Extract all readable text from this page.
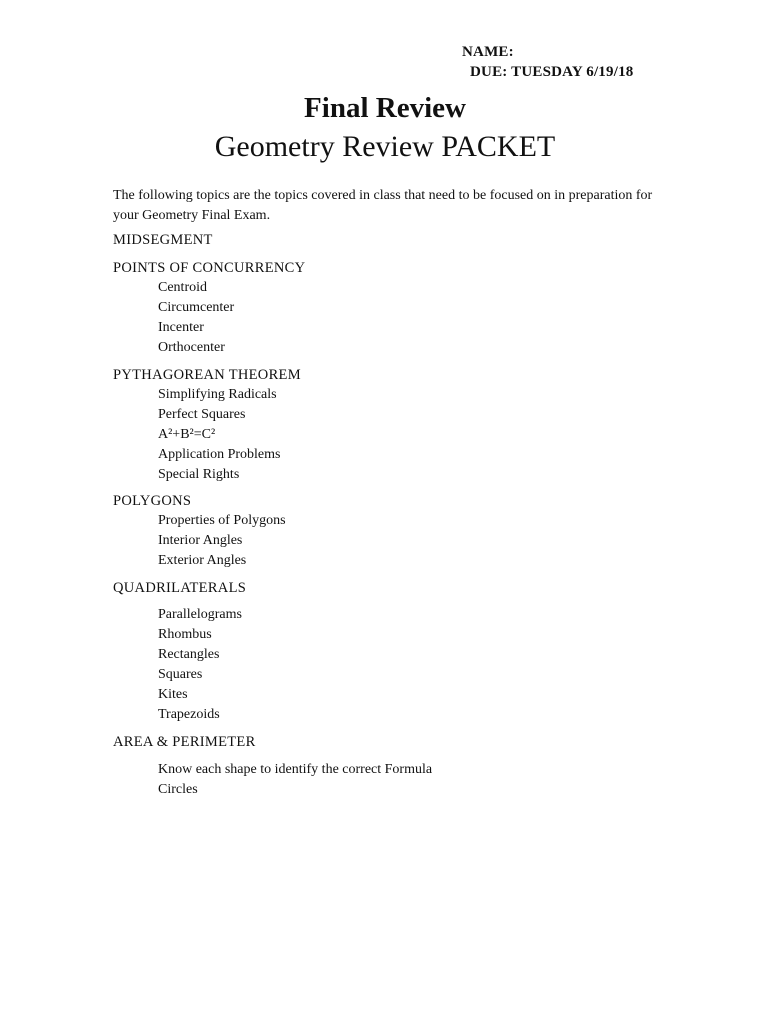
NAME:
DUE: TUESDAY 6/19/18
Final Review
Geometry Review PACKET
The following topics are the topics covered in class that need to be focused on in preparation for your Geometry Final Exam.
MIDSEGMENT
POINTS OF CONCURRENCY
Centroid
Circumcenter
Incenter
Orthocenter
PYTHAGOREAN THEOREM
Simplifying Radicals
Perfect Squares
A²+B²=C²
Application Problems
Special Rights
POLYGONS
Properties of Polygons
Interior Angles
Exterior Angles
QUADRILATERALS
Parallelograms
Rhombus
Rectangles
Squares
Kites
Trapezoids
AREA & PERIMETER
Know each shape to identify the correct Formula
Circles
